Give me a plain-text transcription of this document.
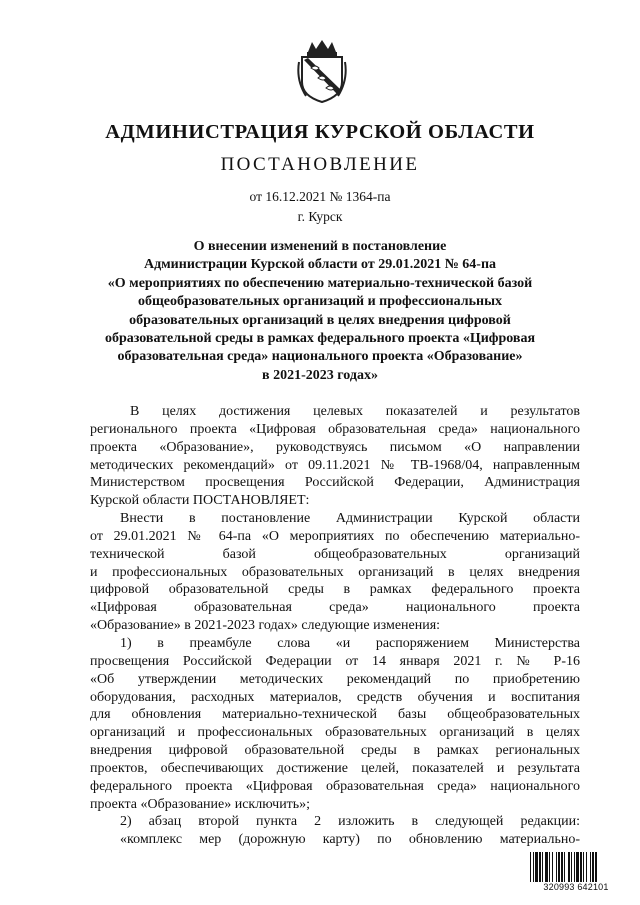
АДМИНИСТРАЦИЯ КУРСКОЙ ОБЛАСТИ
ПОСТАНОВЛЕНИЕ
от 16.12.2021 № 1364-па
г. Курск
О внесении изменений в постановление
Администрации Курской области от 29.01.2021 № 64-па
«О мероприятиях по обеспечению материально-технической базой
общеобразовательных организаций и профессиональных
образовательных организаций в целях внедрения цифровой
образовательной среды в рамках федерального проекта «Цифровая
образовательная среда» национального проекта «Образование»
в 2021-2023 годах»
В целях достижения целевых показателей и результатов
регионального проекта «Цифровая образовательная среда» национального
проекта «Образование», руководствуясь письмом «О направлении
методических рекомендаций» от 09.11.2021 № ТВ-1968/04, направленным
Министерством просвещения Российской Федерации, Администрация
Курской области ПОСТАНОВЛЯЕТ:
Внести в постановление Администрации Курской области
от 29.01.2021 № 64-па «О мероприятиях по обеспечению материально-
технической базой общеобразовательных организаций
и профессиональных образовательных организаций в целях внедрения
цифровой образовательной среды в рамках федерального проекта
«Цифровая образовательная среда» национального проекта
«Образование» в 2021-2023 годах» следующие изменения:
1) в преамбуле слова «и распоряжением Министерства
просвещения Российской Федерации от 14 января 2021 г. № Р-16
«Об утверждении методических рекомендаций по приобретению
оборудования, расходных материалов, средств обучения и воспитания
для обновления материально-технической базы общеобразовательных
организаций и профессиональных образовательных организаций в целях
внедрения цифровой образовательной среды в рамках региональных
проектов, обеспечивающих достижение целей, показателей и результата
федерального проекта «Цифровая образовательная среда» национального
проекта «Образование» исключить»;
2) абзац второй пункта 2 изложить в следующей редакции:
«комплекс мер (дорожную карту) по обновлению материально-
320993 642101
